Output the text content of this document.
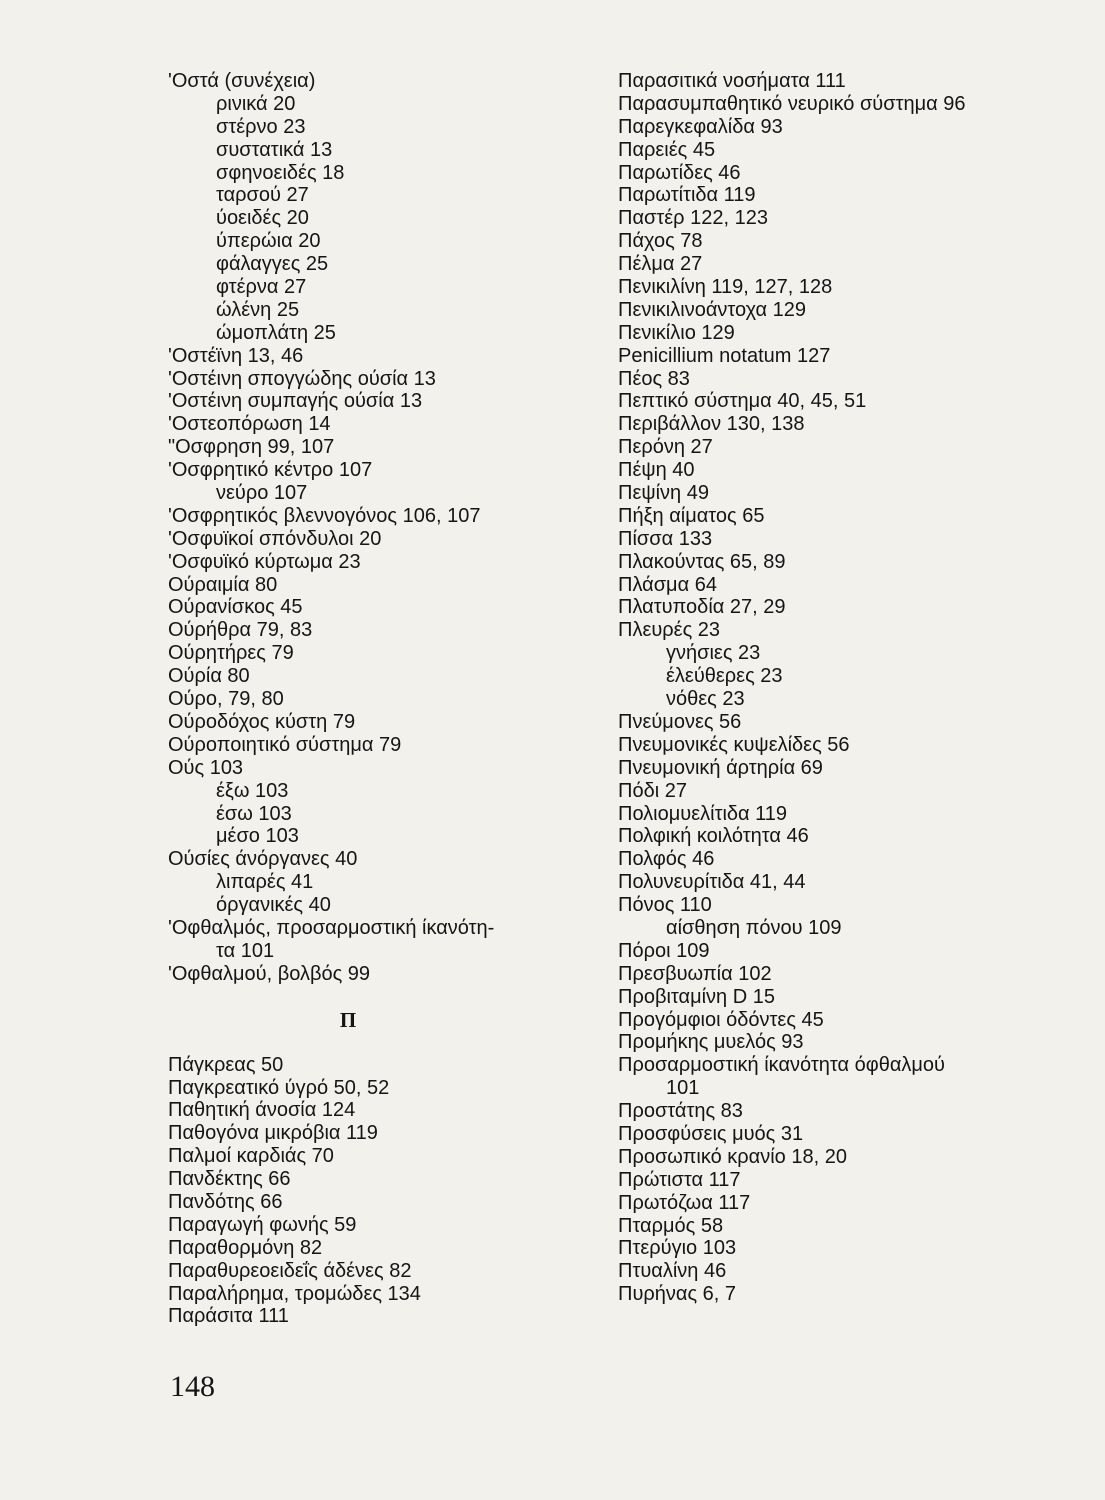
'Οστά (συνέχεια)
ρινικά 20
στέρνο 23
συστατικά 13
σφηνοειδές 18
ταρσού 27
ύοειδές 20
ύπερώια 20
φάλαγγες 25
φτέρνα 27
ώλένη 25
ώμοπλάτη 25
'Οστέϊνη 13, 46
'Οστέινη σπογγώδης ούσία 13
'Οστέινη συμπαγής ούσία 13
'Οστεοπόρωση 14
"Οσφρηση 99, 107
'Οσφρητικό κέντρο 107
νεύρο 107
'Οσφρητικός βλεννογόνος 106, 107
'Οσφυϊκοί σπόνδυλοι 20
'Οσφυϊκό κύρτωμα 23
Ούραιμία 80
Ούρανίσκος 45
Ούρήθρα 79, 83
Ούρητήρες 79
Ούρία 80
Ούρο, 79, 80
Ούροδόχος κύστη 79
Ούροποιητικό σύστημα 79
Ούς 103
έξω 103
έσω 103
μέσο 103
Ούσίες άνόργανες 40
λιπαρές 41
όργανικές 40
'Οφθαλμός, προσαρμοστική ίκανότη-
τα 101
'Οφθαλμού, βολβός 99
Π
Πάγκρεας 50
Παγκρεατικό ύγρό 50, 52
Παθητική άνοσία 124
Παθογόνα μικρόβια 119
Παλμοί καρδιάς 70
Πανδέκτης 66
Πανδότης 66
Παραγωγή φωνής 59
Παραθορμόνη 82
Παραθυρεοειδεΐς άδένες 82
Παραλήρημα, τρομώδες 134
Παράσιτα 111
Παρασιτικά νοσήματα 111
Παρασυμπαθητικό νευρικό σύστημα 96
Παρεγκεφαλίδα 93
Παρειές 45
Παρωτίδες 46
Παρωτίτιδα 119
Παστέρ 122, 123
Πάχος 78
Πέλμα 27
Πενικιλίνη 119, 127, 128
Πενικιλινοάντοχα 129
Πενικίλιο 129
Penicillium notatum 127
Πέος 83
Πεπτικό σύστημα 40, 45, 51
Περιβάλλον 130, 138
Περόνη 27
Πέψη 40
Πεψίνη 49
Πήξη αίματος 65
Πίσσα 133
Πλακούντας 65, 89
Πλάσμα 64
Πλατυποδία 27, 29
Πλευρές 23
γνήσιες 23
έλεύθερες 23
νόθες 23
Πνεύμονες 56
Πνευμονικές κυψελίδες 56
Πνευμονική άρτηρία 69
Πόδι 27
Πολιομυελίτιδα 119
Πολφική κοιλότητα 46
Πολφός 46
Πολυνευρίτιδα 41, 44
Πόνος 110
αίσθηση πόνου 109
Πόροι 109
Πρεσβυωπία 102
Προβιταμίνη D 15
Προγόμφιοι όδόντες 45
Προμήκης μυελός 93
Προσαρμοστική ίκανότητα όφθαλμού
101
Προστάτης 83
Προσφύσεις μυός 31
Προσωπικό κρανίο 18, 20
Πρώτιστα 117
Πρωτόζωα 117
Πταρμός 58
Πτερύγιο 103
Πτυαλίνη 46
Πυρήνας 6, 7
148
